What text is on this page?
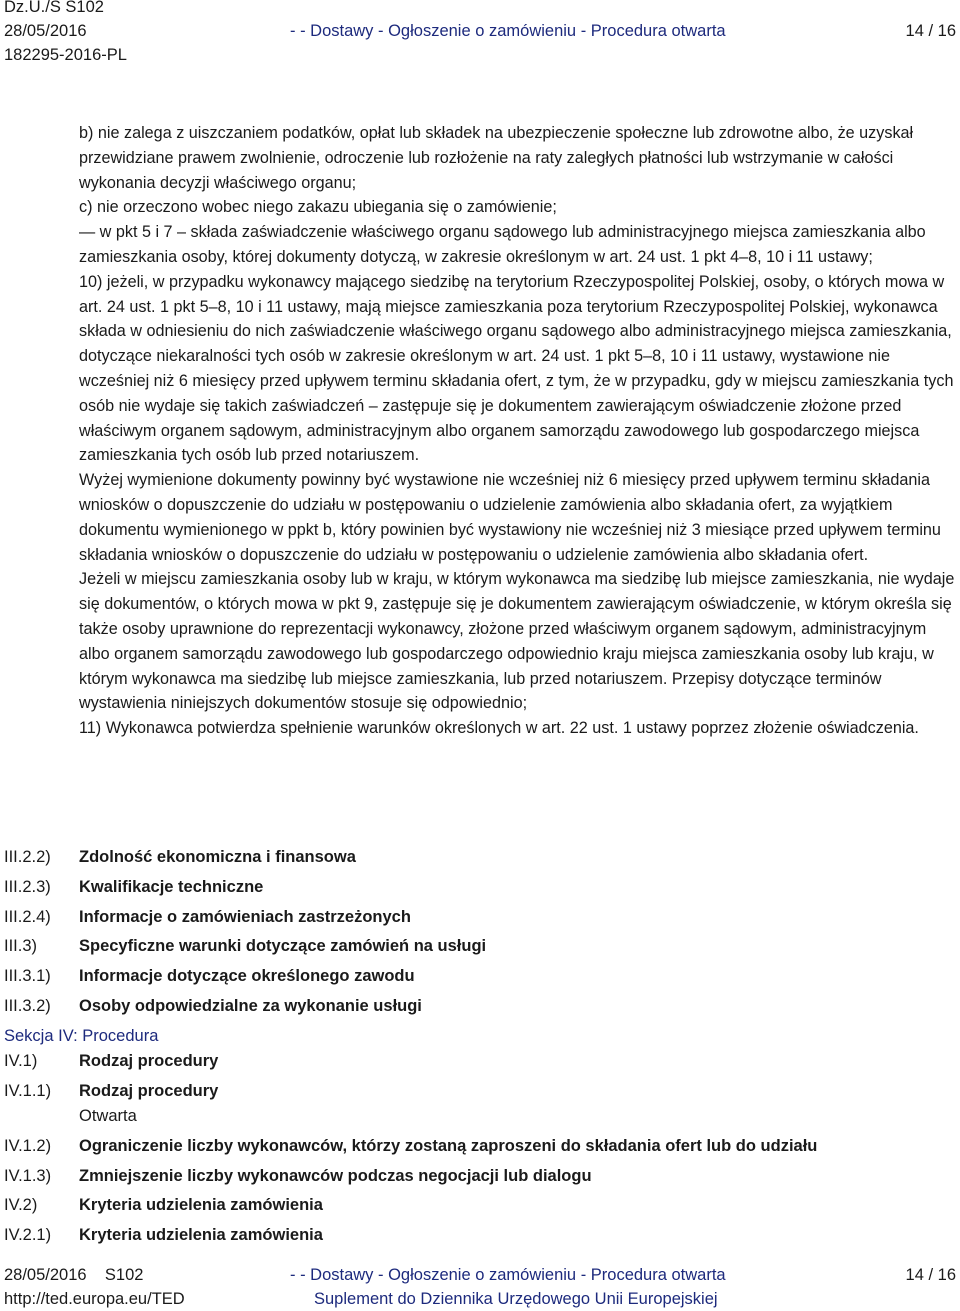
Dz.U./S S102
28/05/2016
182295-2016-PL
- - Dostawy - Ogłoszenie o zamówieniu - Procedura otwarta	14 / 16

b) nie zalega z uiszczaniem podatków, opłat lub składek na ubezpieczenie społeczne lub zdrowotne albo, że uzyskał przewidziane prawem zwolnienie, odroczenie lub rozłożenie na raty zaległych płatności lub wstrzymanie w całości wykonania decyzji właściwego organu;

c) nie orzeczono wobec niego zakazu ubiegania się o zamówienie;

— w pkt 5 i 7 – składa zaświadczenie właściwego organu sądowego lub administracyjnego miejsca zamieszkania albo zamieszkania osoby, której dokumenty dotyczą, w zakresie określonym w art. 24 ust. 1 pkt 4–8, 10 i 11 ustawy;

10) jeżeli, w przypadku wykonawcy mającego siedzibę na terytorium Rzeczypospolitej Polskiej, osoby, o których mowa w art. 24 ust. 1 pkt 5–8, 10 i 11 ustawy, mają miejsce zamieszkania poza terytorium Rzeczypospolitej Polskiej, wykonawca składa w odniesieniu do nich zaświadczenie właściwego organu sądowego albo administracyjnego miejsca zamieszkania, dotyczące niekaralności tych osób w zakresie określonym w art. 24 ust. 1 pkt 5–8, 10 i 11 ustawy, wystawione nie wcześniej niż 6 miesięcy przed upływem terminu składania ofert, z tym, że w przypadku, gdy w miejscu zamieszkania tych osób nie wydaje się takich zaświadczeń – zastępuje się je dokumentem zawierającym oświadczenie złożone przed właściwym organem sądowym, administracyjnym albo organem samorządu zawodowego lub gospodarczego miejsca zamieszkania tych osób lub przed notariuszem.

Wyżej wymienione dokumenty powinny być wystawione nie wcześniej niż 6 miesięcy przed upływem terminu składania wniosków o dopuszczenie do udziału w postępowaniu o udzielenie zamówienia albo składania ofert, za wyjątkiem dokumentu wymienionego w ppkt b, który powinien być wystawiony nie wcześniej niż 3 miesiące przed upływem terminu składania wniosków o dopuszczenie do udziału w postępowaniu o udzielenie zamówienia albo składania ofert.

Jeżeli w miejscu zamieszkania osoby lub w kraju, w którym wykonawca ma siedzibę lub miejsce zamieszkania, nie wydaje się dokumentów, o których mowa w pkt 9, zastępuje się je dokumentem zawierającym oświadczenie, w którym określa się także osoby uprawnione do reprezentacji wykonawcy, złożone przed właściwym organem sądowym, administracyjnym albo organem samorządu zawodowego lub gospodarczego odpowiednio kraju miejsca zamieszkania osoby lub kraju, w którym wykonawca ma siedzibę lub miejsce zamieszkania, lub przed notariuszem. Przepisy dotyczące terminów wystawienia niniejszych dokumentów stosuje się odpowiednio;

11) Wykonawca potwierdza spełnienie warunków określonych w art. 22 ust. 1 ustawy poprzez złożenie oświadczenia.

III.2.2) Zdolność ekonomiczna i finansowa
III.2.3) Kwalifikacje techniczne
III.2.4) Informacje o zamówieniach zastrzeżonych
III.3)	Specyficzne warunki dotyczące zamówień na usługi
III.3.1) Informacje dotyczące określonego zawodu
III.3.2) Osoby odpowiedzialne za wykonanie usługi
Sekcja IV: Procedura
IV.1)	Rodzaj procedury
IV.1.1) Rodzaj procedury
Otwarta
IV.1.2) Ograniczenie liczby wykonawców, którzy zostaną zaproszeni do składania ofert lub do udziału
IV.1.3) Zmniejszenie liczby wykonawców podczas negocjacji lub dialogu
IV.2)	Kryteria udzielenia zamówienia
IV.2.1) Kryteria udzielenia zamówienia
28/05/2016    S102
http://ted.europa.eu/TED
- - Dostawy - Ogłoszenie o zamówieniu - Procedura otwarta
Suplement do Dziennika Urzędowego Unii Europejskiej
14 / 16
